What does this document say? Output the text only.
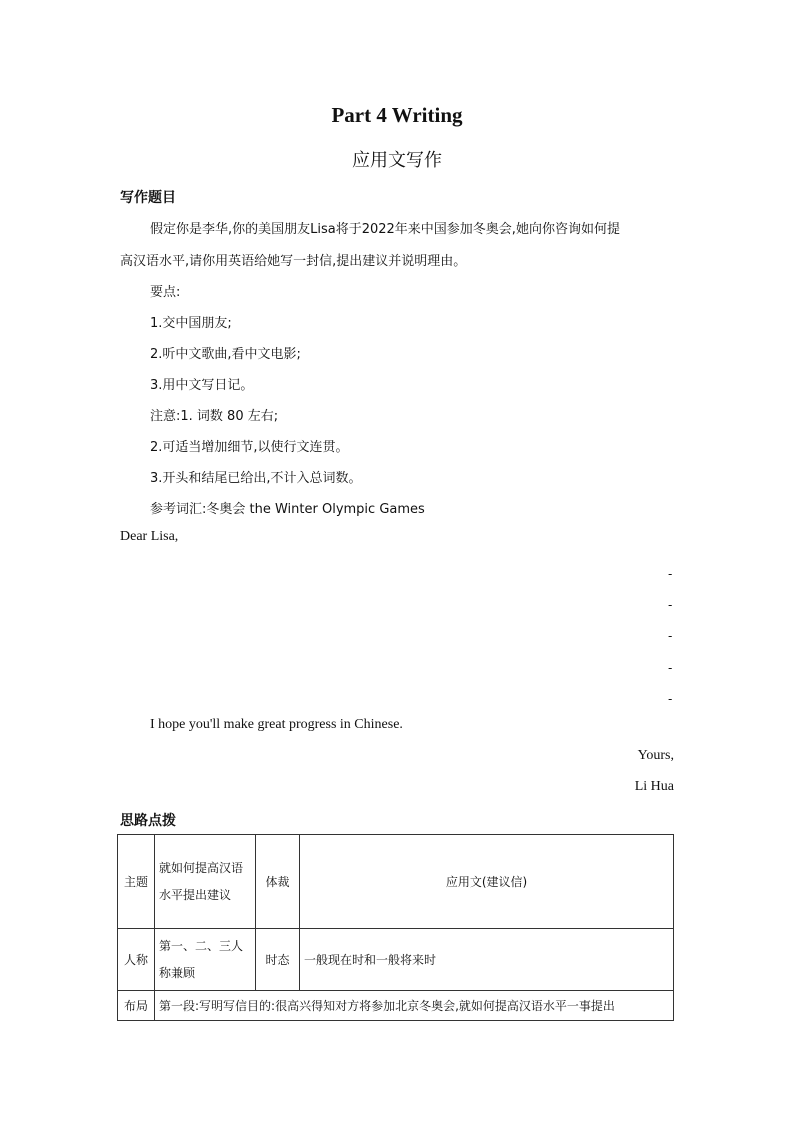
Part 4 Writing
应用文写作
写作题目
假定你是李华,你的美国朋友Lisa将于2022年来中国参加冬奥会,她向你咨询如何提
高汉语水平,请你用英语给她写一封信,提出建议并说明理由。
要点:
1.交中国朋友;
2.听中文歌曲,看中文电影;
3.用中文写日记。
注意:1. 词数 80 左右;
2.可适当增加细节,以使行文连贯。
3.开头和结尾已给出,不计入总词数。
参考词汇:冬奥会 the Winter Olympic Games
Dear Lisa,
-
-
-
-
-
I hope you'll make great progress in Chinese.
Yours,
Li Hua
思路点拨
主题	就如何提高汉语水平提出建议	体裁	应用文(建议信)
人称	第一、二、三人称兼顾	时态	一般现在时和一般将来时
布局	第一段:写明写信目的:很高兴得知对方将参加北京冬奥会,就如何提高汉语水平一事提出		
